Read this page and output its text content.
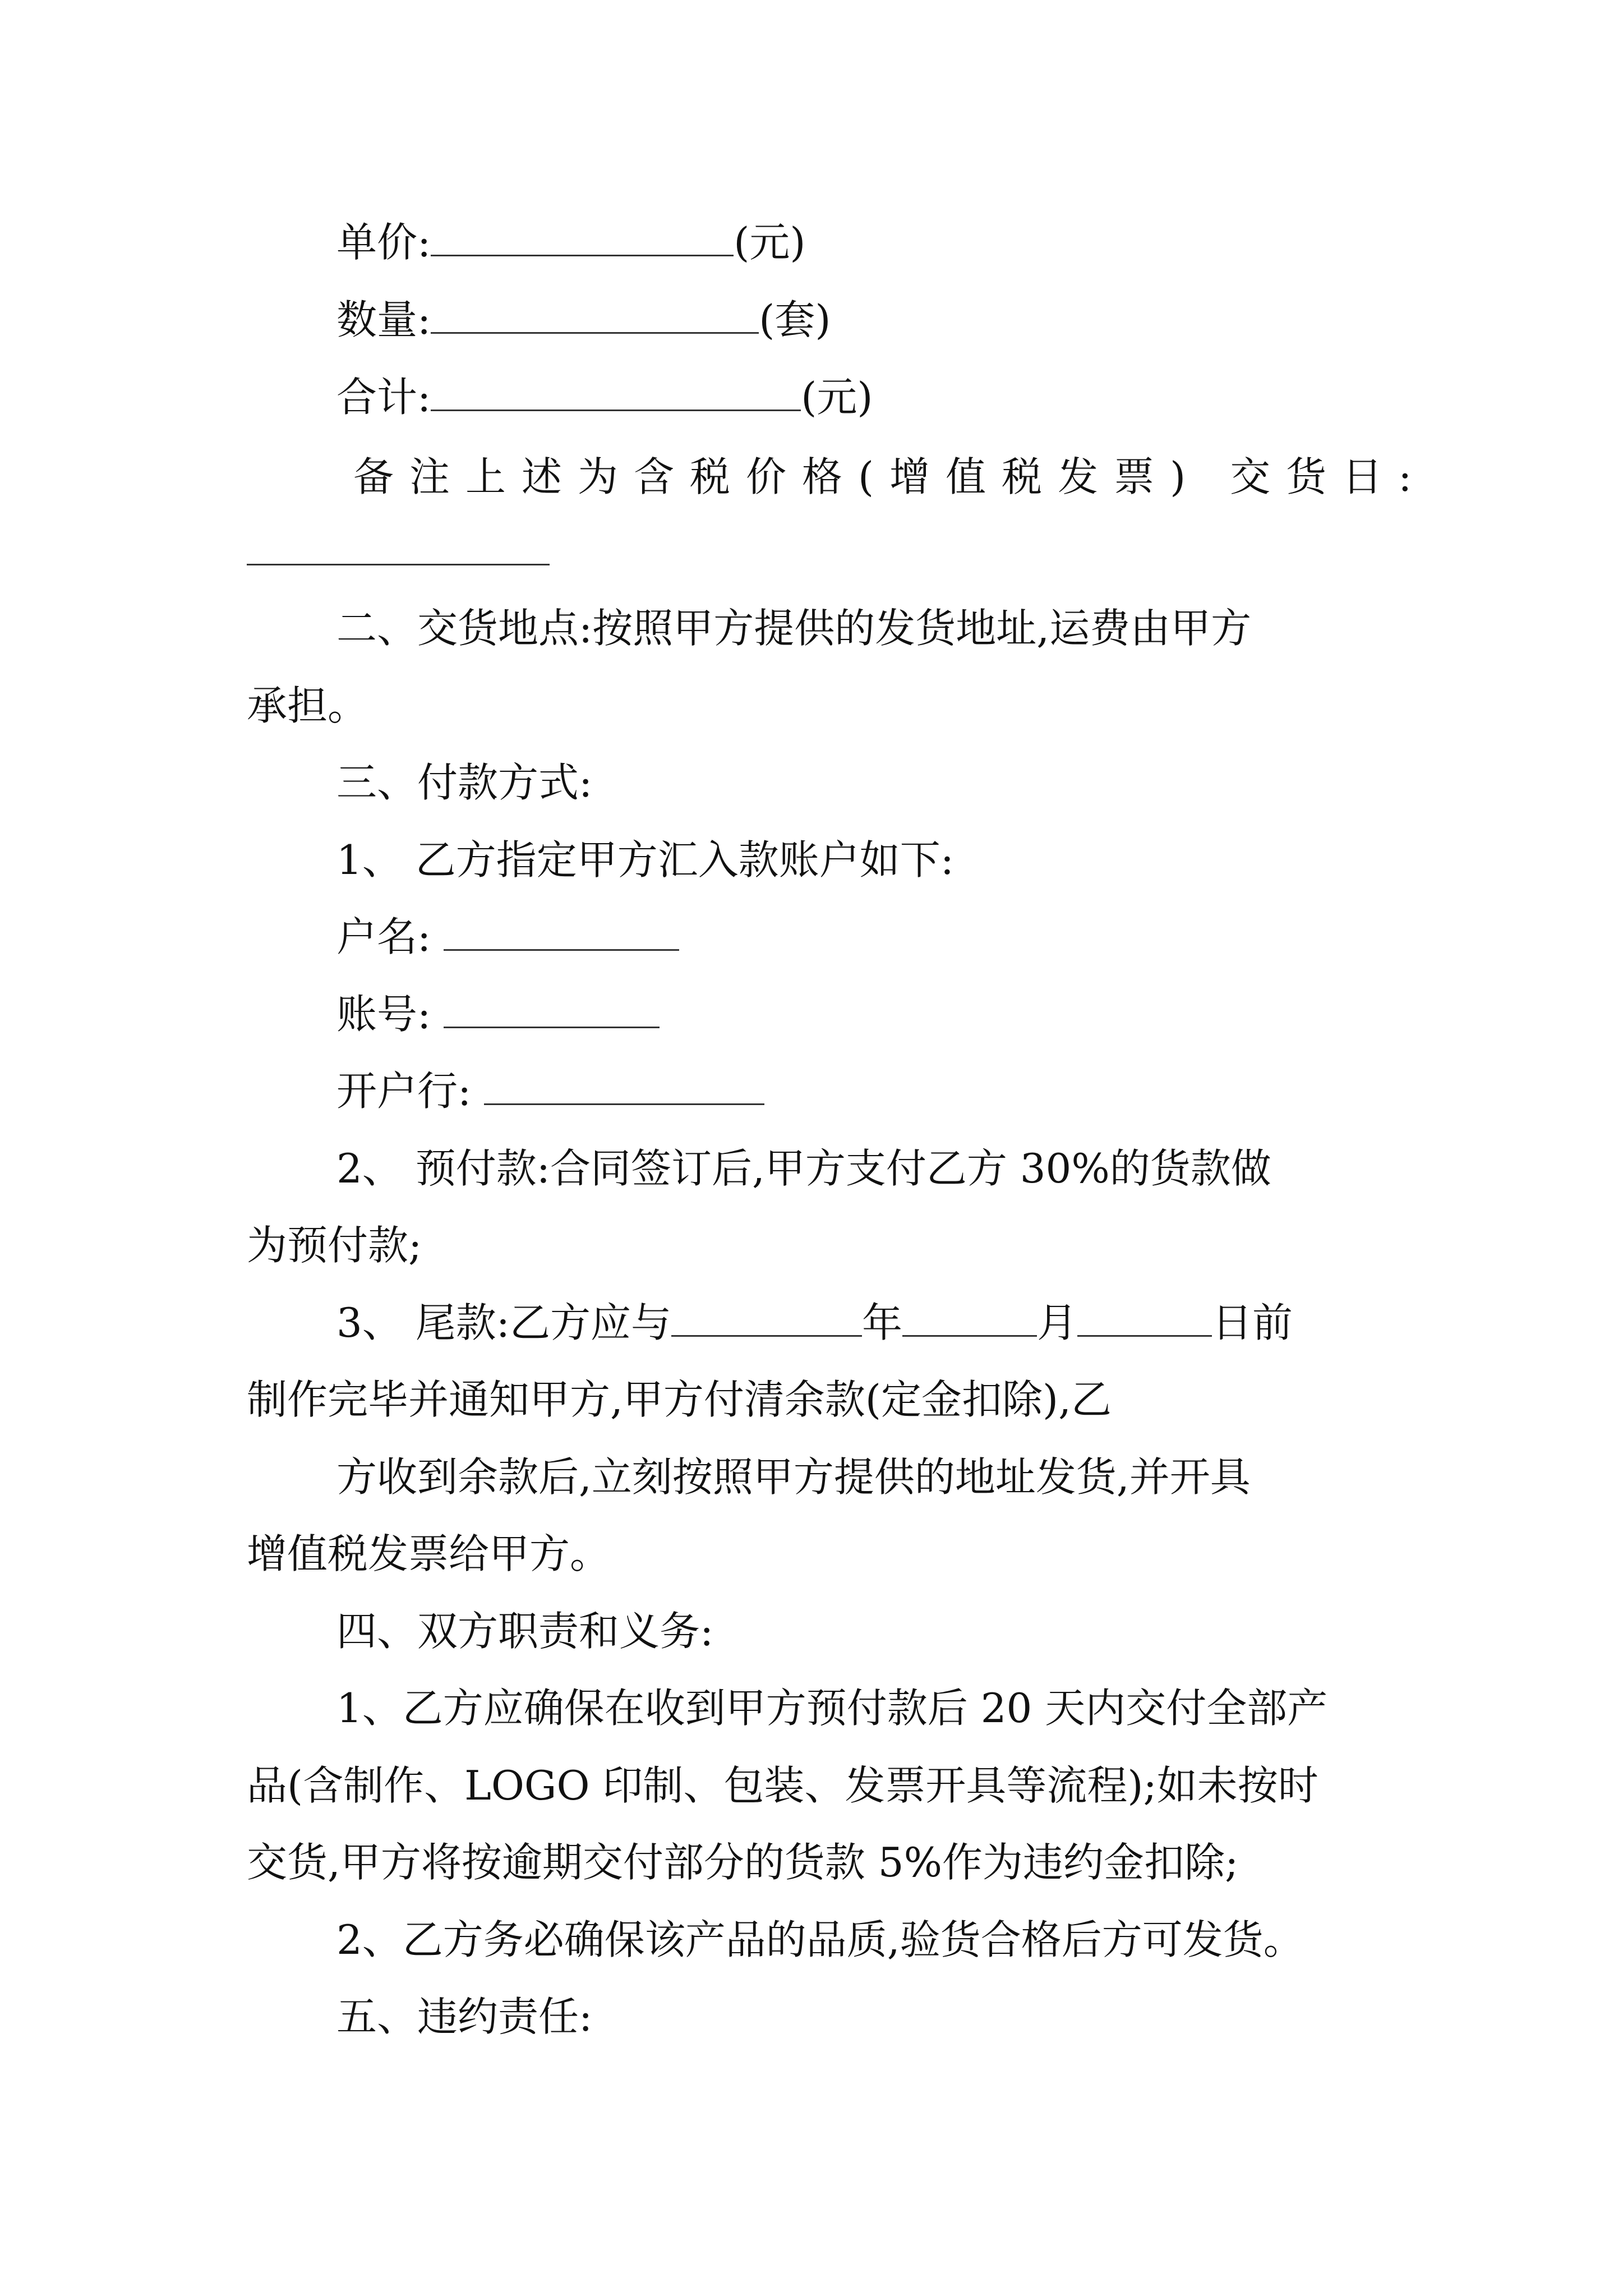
单价:	(元)
数量:	(套)
合计:	(元)
备注上述为含税价格(增值税发票) 交货日:
二、交货地点:按照甲方提供的发货地址,运费由甲方
承担。
三、付款方式:
1、 乙方指定甲方汇入款账户如下:
户名:
账号:
开户行:
2、 预付款:合同签订后,甲方支付乙方 30%的货款做
为预付款;
3、 尾款:乙方应与	年	月	日前
制作完毕并通知甲方,甲方付清余款(定金扣除),乙
方收到余款后,立刻按照甲方提供的地址发货,并开具
增值税发票给甲方。
四、双方职责和义务:
1、乙方应确保在收到甲方预付款后 20 天内交付全部产
品(含制作、LOGO 印制、包装、发票开具等流程);如未按时
交货,甲方将按逾期交付部分的货款 5%作为违约金扣除;
2、乙方务必确保该产品的品质,验货合格后方可发货。
五、违约责任:
